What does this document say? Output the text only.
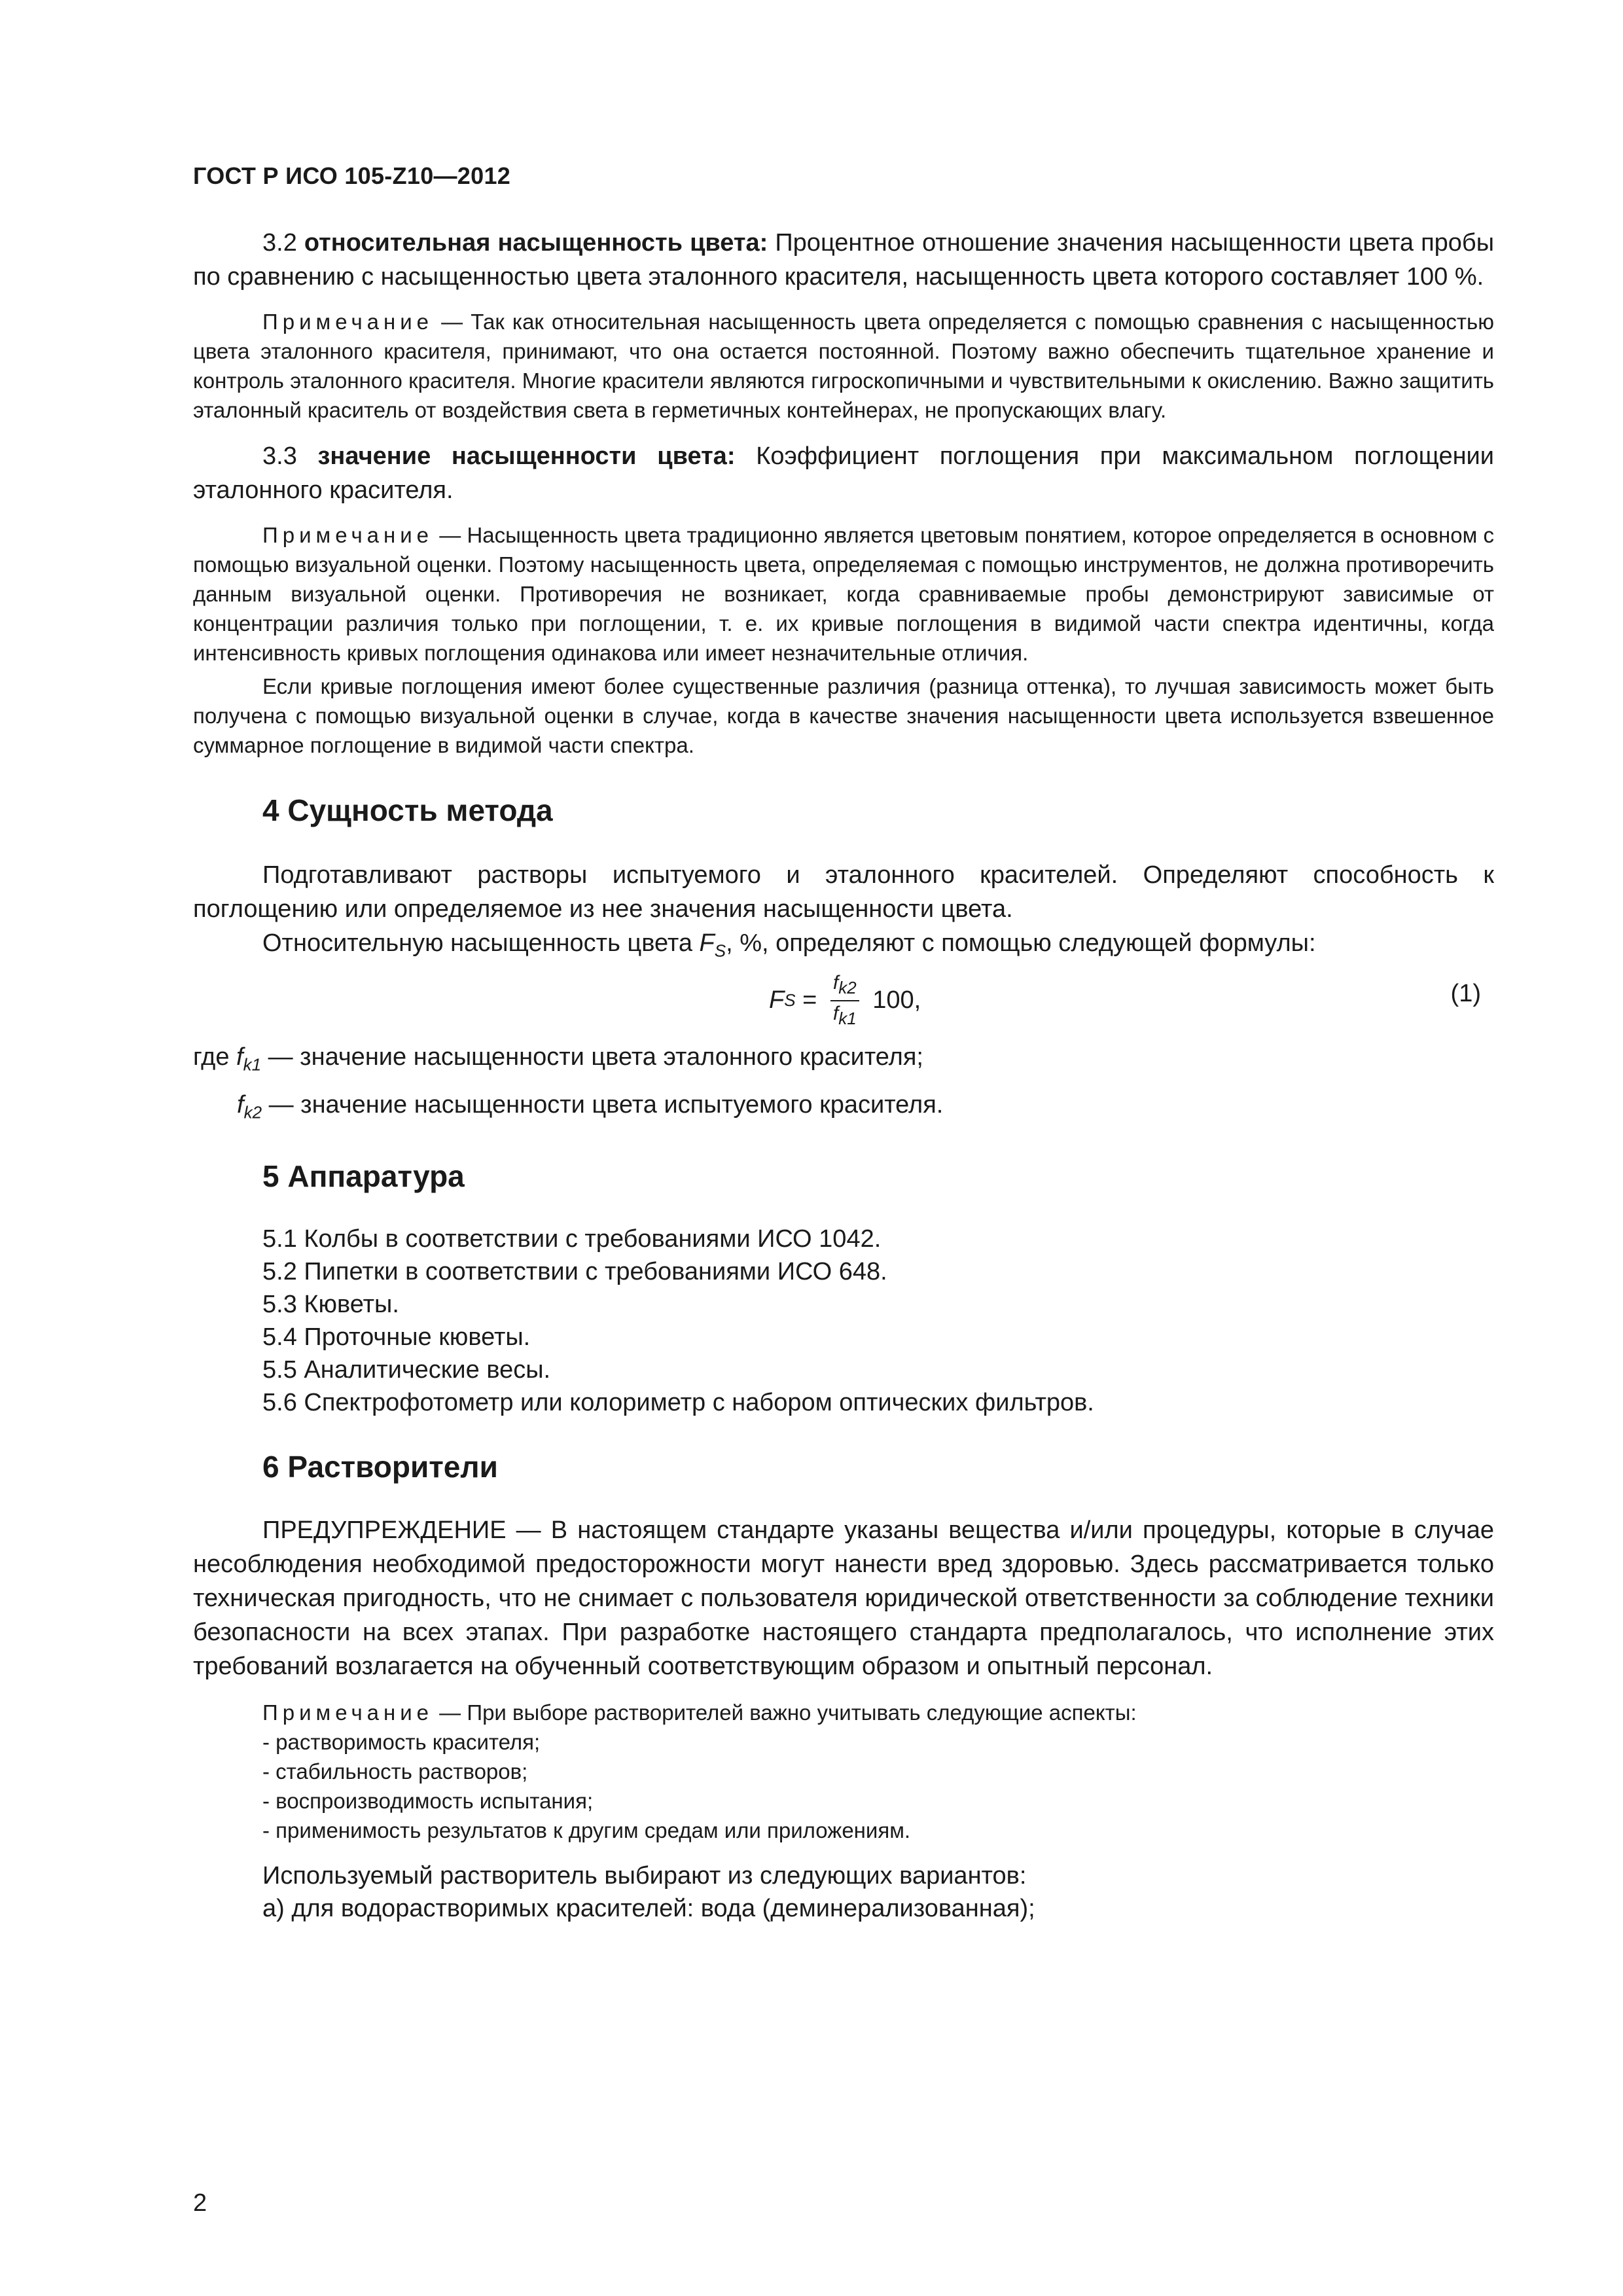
ГОСТ Р ИСО 105-Z10—2012

3.2 относительная насыщенность цвета: Процентное отношение значения насыщенности цвета пробы по сравнению с насыщенностью цвета эталонного красителя, насыщенность цвета которого составляет 100 %.

Примечание — Так как относительная насыщенность цвета определяется с помощью сравнения с насыщенностью цвета эталонного красителя, принимают, что она остается постоянной. Поэтому важно обеспечить тщательное хранение и контроль эталонного красителя. Многие красители являются гигроскопичными и чувствительными к окислению. Важно защитить эталонный краситель от воздействия света в герметичных контейнерах, не пропускающих влагу.

3.3 значение насыщенности цвета: Коэффициент поглощения при максимальном поглощении эталонного красителя.

Примечание — Насыщенность цвета традиционно является цветовым понятием, которое определяется в основном с помощью визуальной оценки. Поэтому насыщенность цвета, определяемая с помощью инструментов, не должна противоречить данным визуальной оценки. Противоречия не возникает, когда сравниваемые пробы демонстрируют зависимые от концентрации различия только при поглощении, т. е. их кривые поглощения в видимой части спектра идентичны, когда интенсивность кривых поглощения одинакова или имеет незначительные отличия.

Если кривые поглощения имеют более существенные различия (разница оттенка), то лучшая зависимость может быть получена с помощью визуальной оценки в случае, когда в качестве значения насыщенности цвета используется взвешенное суммарное поглощение в видимой части спектра.

4 Сущность метода

Подготавливают растворы испытуемого и эталонного красителей. Определяют способность к поглощению или определяемое из нее значения насыщенности цвета.

Относительную насыщенность цвета $F_S$, %, определяют с помощью следующей формулы:

F $S = \frac{f_{k2}}{f_{k1}} 100$,	(1)

где $f_{k1}$ — значение насыщенности цвета эталонного красителя;

$f_{k2}$ — значение насыщенности цвета испытуемого красителя.

5 Аппаратура

5.1 Колбы в соответствии с требованиями ИСО 1042.

5.2 Пипетки в соответствии с требованиями ИСО 648.

5.3 Кюветы.

5.4 Проточные кюветы.

5.5 Аналитические весы.

5.6 Спектрофотометр или колориметр с набором оптических фильтров.

6 Растворители

ПРЕДУПРЕЖДЕНИЕ — В настоящем стандарте указаны вещества и/или процедуры, которые в случае несоблюдения необходимой предосторожности могут нанести вред здоровью. Здесь рассматривается только техническая пригодность, что не снимает с пользователя юридической ответственности за соблюдение техники безопасности на всех этапах. При разработке настоящего стандарта предполагалось, что исполнение этих требований возлагается на обученный соответствующим образом и опытный персонал.

Примечание — При выборе растворителей важно учитывать следующие аспекты:

- растворимость красителя;

- стабильность растворов;

- воспроизводимость испытания;

- применимость результатов к другим средам или приложениям.

Используемый растворитель выбирают из следующих вариантов:

а) для водорастворимых красителей: вода (деминерализованная);

2
